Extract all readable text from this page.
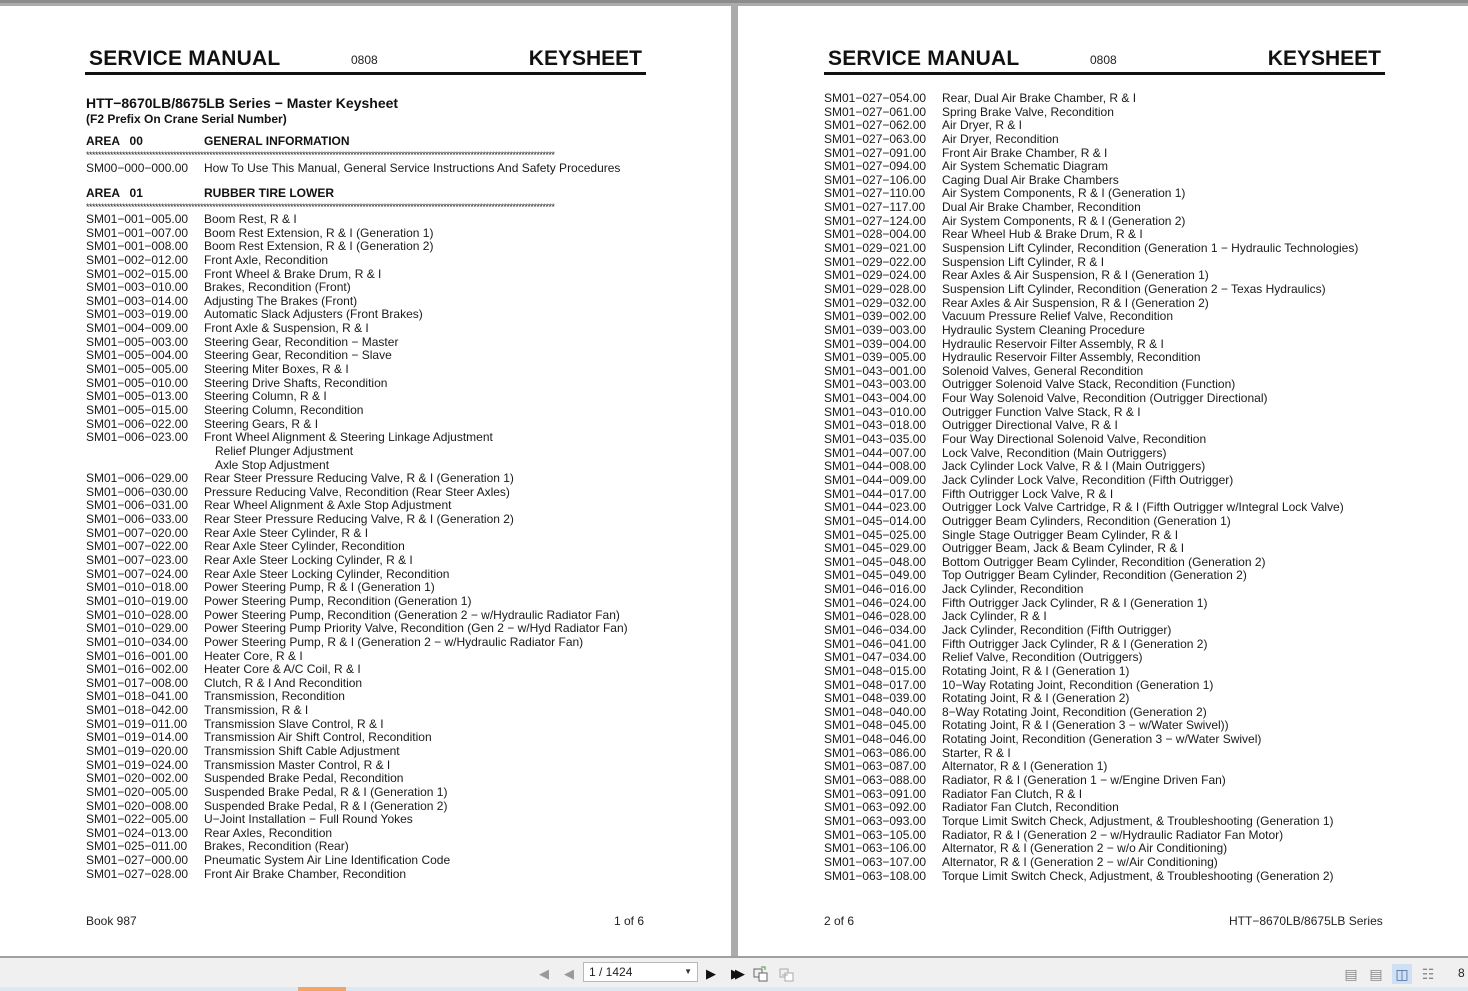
SERVICE MANUAL	0808	KEYSHEET
HTT−8670LB/8675LB Series − Master Keysheet
(F2 Prefix On Crane Serial Number)
AREA   00	GENERAL INFORMATION
************************************************************************************************************************************************************
SM00−000−000.00 How To Use This Manual, General Service Instructions And Safety Procedures
AREA   01	RUBBER TIRE LOWER
************************************************************************************************************************************************************
SM01−001−005.00 Boom Rest, R & I
SM01−001−007.00 Boom Rest Extension, R & I (Generation 1)
SM01−001−008.00 Boom Rest Extension, R & I (Generation 2)
SM01−002−012.00 Front Axle, Recondition
SM01−002−015.00 Front Wheel & Brake Drum, R & I
SM01−003−010.00 Brakes, Recondition (Front)
SM01−003−014.00 Adjusting The Brakes (Front)
SM01−003−019.00 Automatic Slack Adjusters (Front Brakes)
SM01−004−009.00 Front Axle & Suspension, R & I
SM01−005−003.00 Steering Gear, Recondition − Master
SM01−005−004.00 Steering Gear, Recondition − Slave
SM01−005−005.00 Steering Miter Boxes, R & I
SM01−005−010.00 Steering Drive Shafts, Recondition
SM01−005−013.00 Steering Column, R & I
SM01−005−015.00 Steering Column, Recondition
SM01−006−022.00 Steering Gears, R & I
SM01−006−023.00 Front Wheel Alignment & Steering Linkage Adjustment
Relief Plunger Adjustment
Axle Stop Adjustment
SM01−006−029.00 Rear Steer Pressure Reducing Valve, R & I (Generation 1)
SM01−006−030.00 Pressure Reducing Valve, Recondition (Rear Steer Axles)
SM01−006−031.00 Rear Wheel Alignment & Axle Stop Adjustment
SM01−006−033.00 Rear Steer Pressure Reducing Valve, R & I (Generation 2)
SM01−007−020.00 Rear Axle Steer Cylinder, R & I
SM01−007−022.00 Rear Axle Steer Cylinder, Recondition
SM01−007−023.00 Rear Axle Steer Locking Cylinder, R & I
SM01−007−024.00 Rear Axle Steer Locking Cylinder, Recondition
SM01−010−018.00 Power Steering Pump, R & I (Generation 1)
SM01−010−019.00 Power Steering Pump, Recondition (Generation 1)
SM01−010−028.00 Power Steering Pump, Recondition (Generation 2 − w/Hydraulic Radiator Fan)
SM01−010−029.00 Power Steering Pump Priority Valve, Recondition (Gen 2 − w/Hyd Radiator Fan)
SM01−010−034.00 Power Steering Pump, R & I (Generation 2 − w/Hydraulic Radiator Fan)
SM01−016−001.00 Heater Core, R & I
SM01−016−002.00 Heater Core & A/C Coil, R & I
SM01−017−008.00 Clutch, R & I And Recondition
SM01−018−041.00 Transmission, Recondition
SM01−018−042.00 Transmission, R & I
SM01−019−011.00 Transmission Slave Control, R & I
SM01−019−014.00 Transmission Air Shift Control, Recondition
SM01−019−020.00 Transmission Shift Cable Adjustment
SM01−019−024.00 Transmission Master Control, R & I
SM01−020−002.00 Suspended Brake Pedal, Recondition
SM01−020−005.00 Suspended Brake Pedal, R & I (Generation 1)
SM01−020−008.00 Suspended Brake Pedal, R & I (Generation 2)
SM01−022−005.00 U−Joint Installation − Full Round Yokes
SM01−024−013.00 Rear Axles, Recondition
SM01−025−011.00 Brakes, Recondition (Rear)
SM01−027−000.00 Pneumatic System Air Line Identification Code
SM01−027−028.00 Front Air Brake Chamber, Recondition
Book 987	1 of 6
SERVICE MANUAL	0808	KEYSHEET
SM01−027−054.00 Rear, Dual Air Brake Chamber, R & I
SM01−027−061.00 Spring Brake Valve, Recondition
SM01−027−062.00 Air Dryer, R & I
SM01−027−063.00 Air Dryer, Recondition
SM01−027−091.00 Front Air Brake Chamber, R & I
SM01−027−094.00 Air System Schematic Diagram
SM01−027−106.00 Caging Dual Air Brake Chambers
SM01−027−110.00 Air System Components, R & I (Generation 1)
SM01−027−117.00 Dual Air Brake Chamber, Recondition
SM01−027−124.00 Air System Components, R & I (Generation 2)
SM01−028−004.00 Rear Wheel Hub & Brake Drum, R & I
SM01−029−021.00 Suspension Lift Cylinder, Recondition (Generation 1 − Hydraulic Technologies)
SM01−029−022.00 Suspension Lift Cylinder, R & I
SM01−029−024.00 Rear Axles & Air Suspension, R & I (Generation 1)
SM01−029−028.00 Suspension Lift Cylinder, Recondition (Generation 2 − Texas Hydraulics)
SM01−029−032.00 Rear Axles & Air Suspension, R & I (Generation 2)
SM01−039−002.00 Vacuum Pressure Relief Valve, Recondition
SM01−039−003.00 Hydraulic System Cleaning Procedure
SM01−039−004.00 Hydraulic Reservoir Filter Assembly, R & I
SM01−039−005.00 Hydraulic Reservoir Filter Assembly, Recondition
SM01−043−001.00 Solenoid Valves, General Recondition
SM01−043−003.00 Outrigger Solenoid Valve Stack, Recondition (Function)
SM01−043−004.00 Four Way Solenoid Valve, Recondition (Outrigger Directional)
SM01−043−010.00 Outrigger Function Valve Stack, R & I
SM01−043−018.00 Outrigger Directional Valve, R & I
SM01−043−035.00 Four Way Directional Solenoid Valve, Recondition
SM01−044−007.00 Lock Valve, Recondition (Main Outriggers)
SM01−044−008.00 Jack Cylinder Lock Valve, R & I (Main Outriggers)
SM01−044−009.00 Jack Cylinder Lock Valve, Recondition (Fifth Outrigger)
SM01−044−017.00 Fifth Outrigger Lock Valve, R & I
SM01−044−023.00 Outrigger Lock Valve Cartridge, R & I (Fifth Outrigger w/Integral Lock Valve)
SM01−045−014.00 Outrigger Beam Cylinders, Recondition (Generation 1)
SM01−045−025.00 Single Stage Outrigger Beam Cylinder, R & I
SM01−045−029.00 Outrigger Beam, Jack & Beam Cylinder, R & I
SM01−045−048.00 Bottom Outrigger Beam Cylinder, Recondition (Generation 2)
SM01−045−049.00 Top Outrigger Beam Cylinder, Recondition (Generation 2)
SM01−046−016.00 Jack Cylinder, Recondition
SM01−046−024.00 Fifth Outrigger Jack Cylinder, R & I (Generation 1)
SM01−046−028.00 Jack Cylinder, R & I
SM01−046−034.00 Jack Cylinder, Recondition (Fifth Outrigger)
SM01−046−041.00 Fifth Outrigger Jack Cylinder, R & I (Generation 2)
SM01−047−034.00 Relief Valve, Recondition (Outriggers)
SM01−048−015.00 Rotating Joint, R & I (Generation 1)
SM01−048−017.00 10−Way Rotating Joint, Recondition (Generation 1)
SM01−048−039.00 Rotating Joint, R & I (Generation 2)
SM01−048−040.00 8−Way Rotating Joint, Recondition (Generation 2)
SM01−048−045.00 Rotating Joint, R & I (Generation 3 − w/Water Swivel))
SM01−048−046.00 Rotating Joint, Recondition (Generation 3 − w/Water Swivel)
SM01−063−086.00 Starter, R & I
SM01−063−087.00 Alternator, R & I (Generation 1)
SM01−063−088.00 Radiator, R & I (Generation 1 − w/Engine Driven Fan)
SM01−063−091.00 Radiator Fan Clutch, R & I
SM01−063−092.00 Radiator Fan Clutch, Recondition
SM01−063−093.00 Torque Limit Switch Check, Adjustment, & Troubleshooting (Generation 1)
SM01−063−105.00 Radiator, R & I (Generation 2 − w/Hydraulic Radiator Fan Motor)
SM01−063−106.00 Alternator, R & I (Generation 2 − w/o Air Conditioning)
SM01−063−107.00 Alternator, R & I (Generation 2 − w/Air Conditioning)
SM01−063−108.00 Torque Limit Switch Check, Adjustment, & Troubleshooting (Generation 2)
2 of 6	HTT−8670LB/8675LB Series
◀​ ◀	1 / 1424	▼ ▶	▶▶	▤ ▤ ◫ ☷	8
